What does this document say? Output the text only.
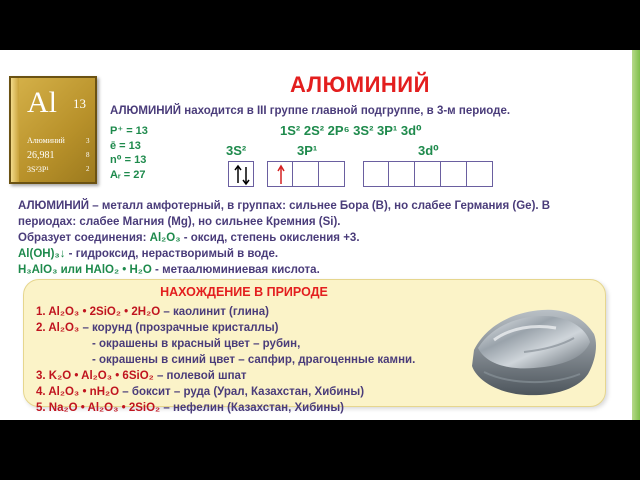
Al 13
Алюминий
26,981
3S²3P¹
3
8
2
АЛЮМИНИЙ
АЛЮМИНИЙ находится в III группе главной подгруппе, в 3-м периоде.
P⁺ = 13
ē = 13
n⁰ = 13
Aᵣ = 27
1S² 2S² 2P⁶ 3S² 3P¹ 3d⁰
3S²	3P¹	3d⁰
АЛЮМИНИЙ – металл амфотерный, в группах: сильнее Бора (В), но слабее Германия (Ge). В
периодах: слабее Магния (Mg), но сильнее Кремния (Si).
Образует соединения: Al₂O₃ - оксид, степень окисления +3.
Al(OH)₃↓ - гидроксид, нерастворимый в воде.
H₃AlO₃ или HAlO₂ • H₂O - метаалюминиевая кислота.
НАХОЖДЕНИЕ В ПРИРОДЕ
1. Al₂O₃ • 2SiO₂ • 2H₂O – каолинит (глина)
2. Al₂O₃ – корунд (прозрачные кристаллы)
- окрашены в красный цвет – рубин,
- окрашены в синий цвет – сапфир, драгоценные камни.
3. K₂O • Al₂O₃ • 6SiO₂ – полевой шпат
4. Al₂O₃ • nH₂O – боксит – руда (Урал, Казахстан, Хибины)
5. Na₂O • Al₂O₃ • 2SiO₂ – нефелин (Казахстан, Хибины)
